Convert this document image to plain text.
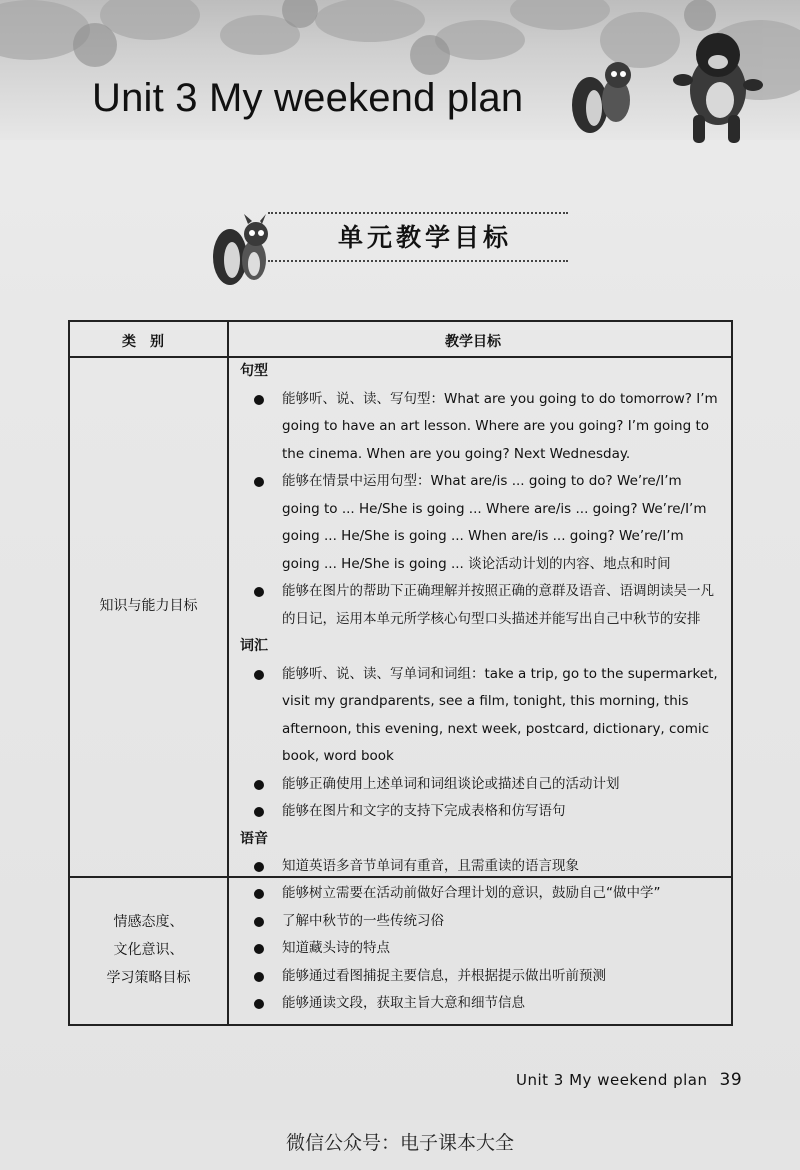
Unit 3 My weekend plan
单元教学目标
类　别	教学目标
知识与能力目标
句型
能够听、说、读、写句型：What are you going to do tomorrow? I’m going to have an art lesson. Where are you going? I’m going to the cinema. When are you going? Next Wednesday.
能够在情景中运用句型：What are/is ... going to do? We’re/I’m going to ... He/She is going ... Where are/is ... going? We’re/I’m going ... He/She is going ... When are/is ... going? We’re/I’m going ... He/She is going ... 谈论活动计划的内容、地点和时间
能够在图片的帮助下正确理解并按照正确的意群及语音、语调朗读吴一凡的日记，运用本单元所学核心句型口头描述并能写出自己中秋节的安排
词汇
能够听、说、读、写单词和词组：take a trip, go to the supermarket, visit my grandparents, see a film, tonight, this morning, this afternoon, this evening, next week, postcard, dictionary, comic book, word book
能够正确使用上述单词和词组谈论或描述自己的活动计划
能够在图片和文字的支持下完成表格和仿写语句
语音
知道英语多音节单词有重音，且需重读的语言现象
情感态度、
文化意识、
学习策略目标
能够树立需要在活动前做好合理计划的意识，鼓励自己“做中学”
了解中秋节的一些传统习俗
知道藏头诗的特点
能够通过看图捕捉主要信息，并根据提示做出听前预测
能够通读文段，获取主旨大意和细节信息
Unit 3 My weekend plan 39
微信公众号：电子课本大全
